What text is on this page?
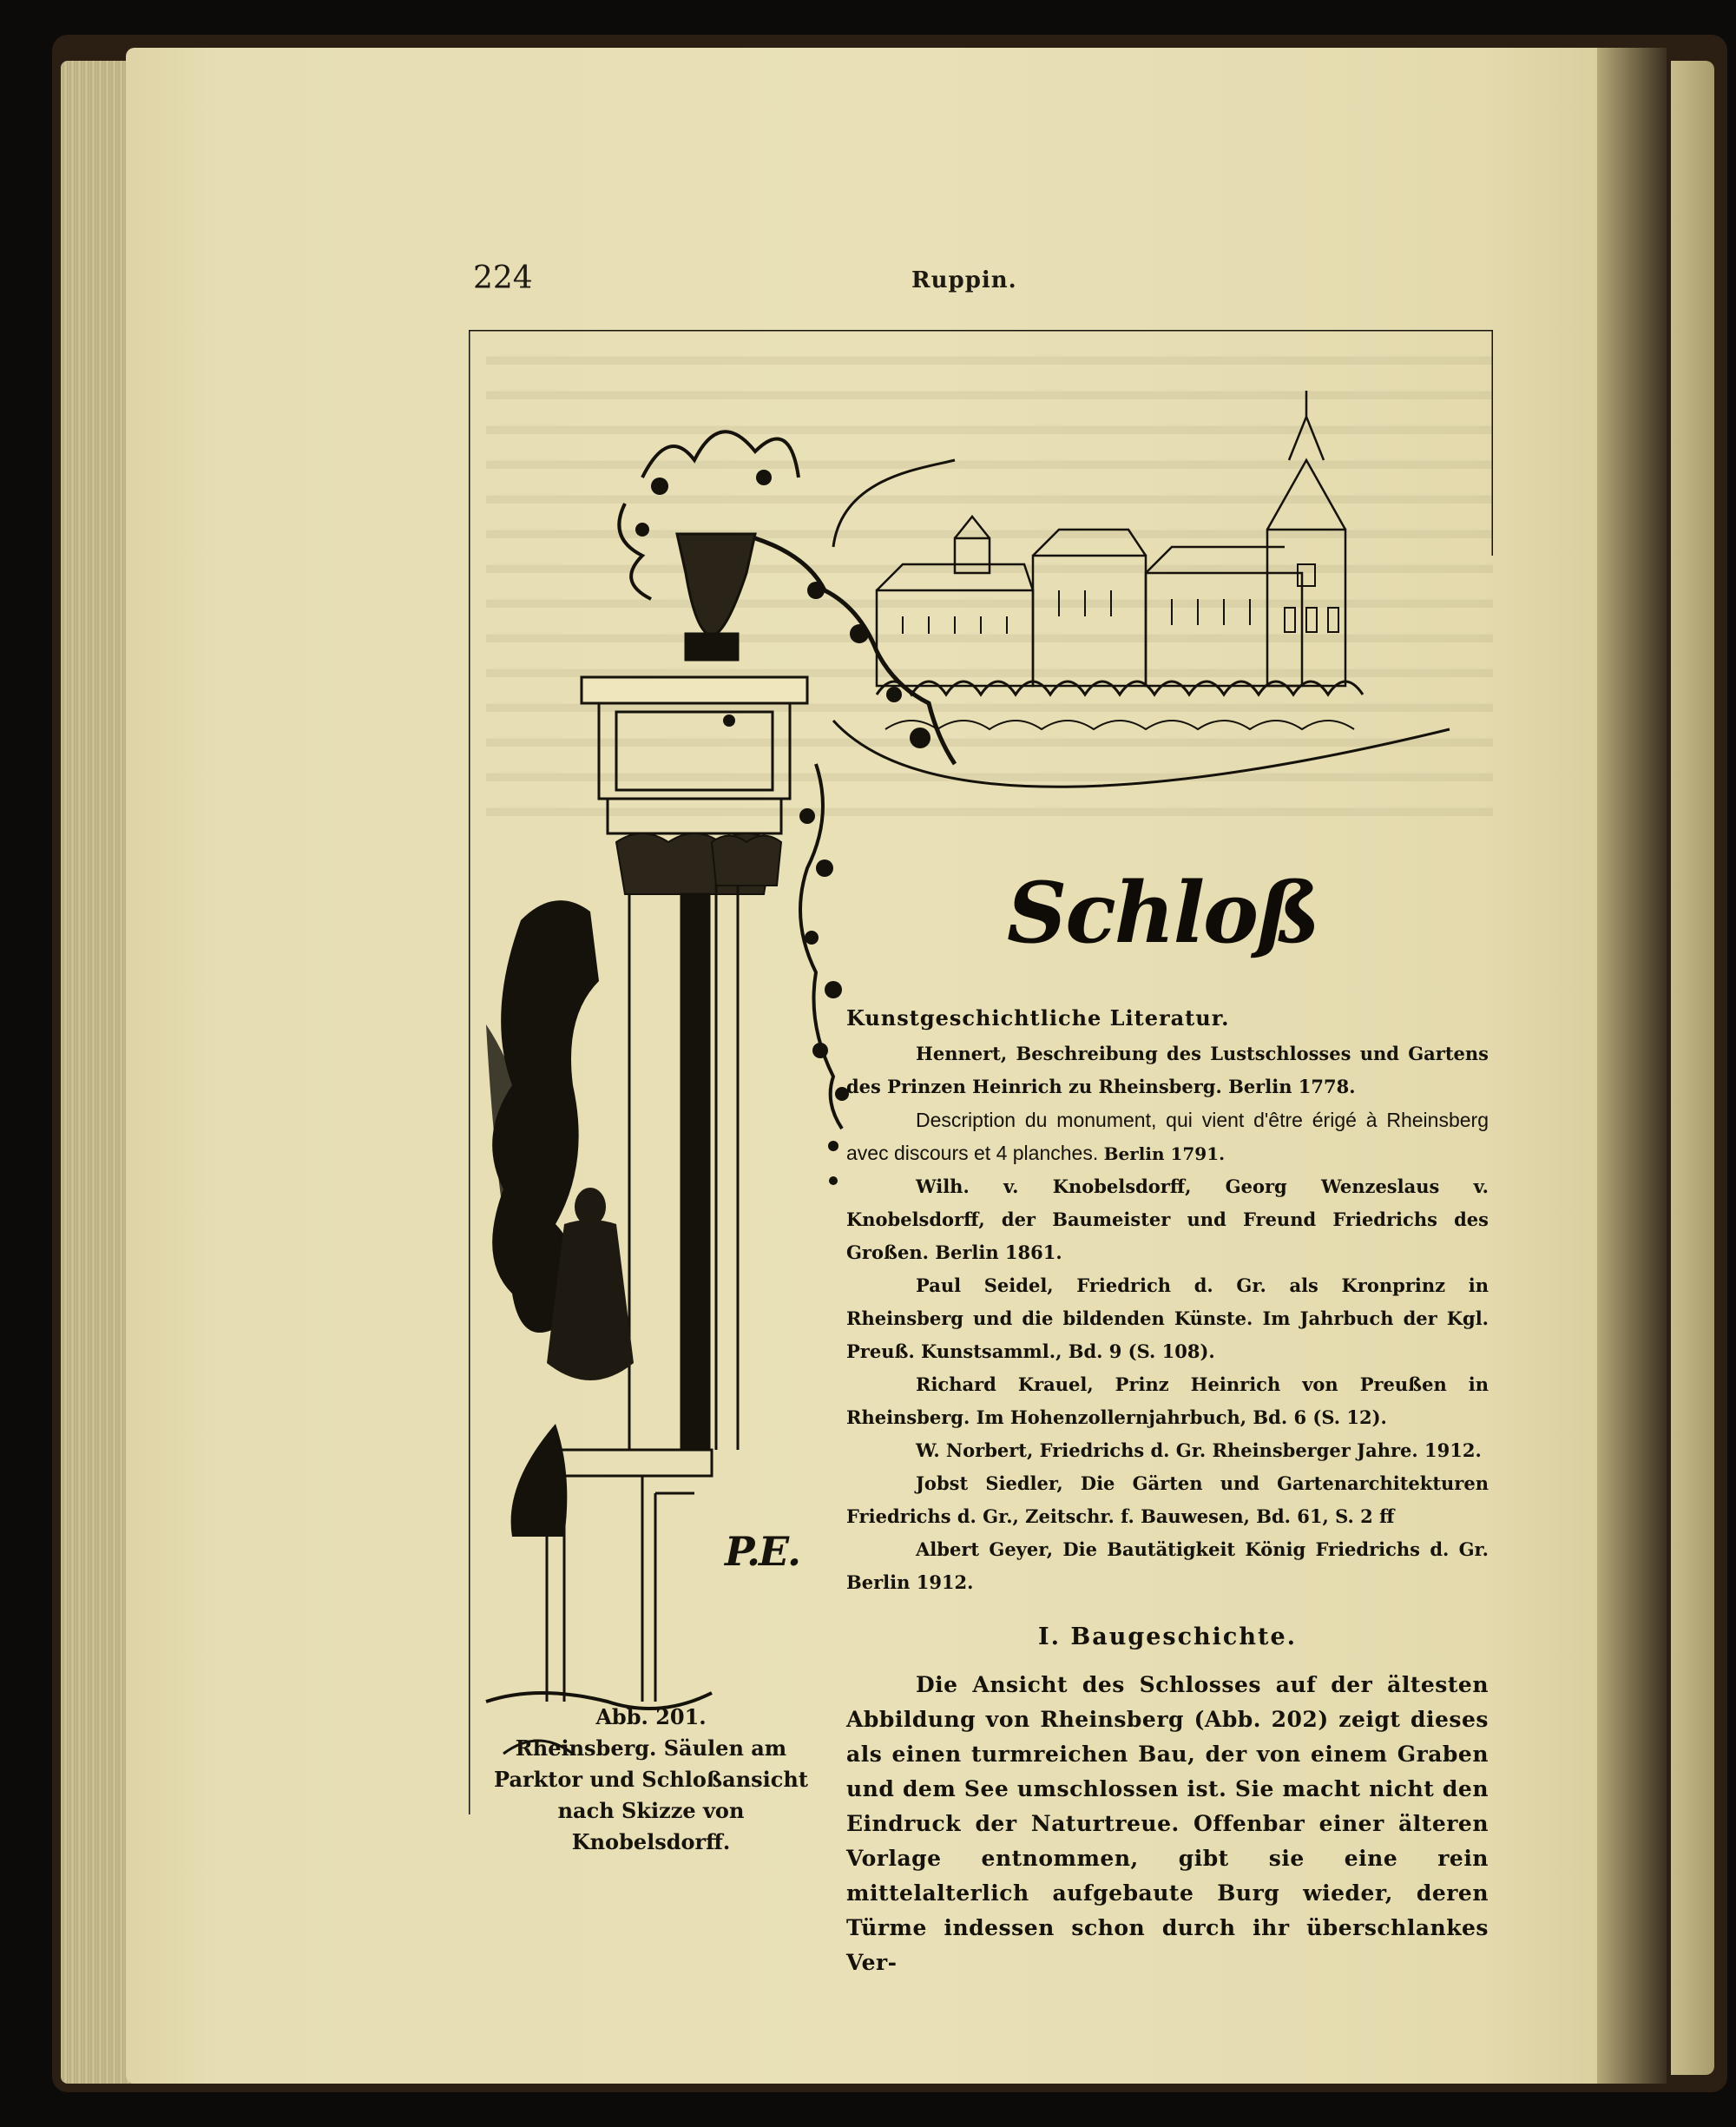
224	Ruppin.
Schloß
P.E.
Abb. 201.
Rheinsberg. Säulen am
Parktor und Schloßansicht
nach Skizze von Knobelsdorff.
Kunstgeschichtliche Literatur.

Hennert, Beschreibung des Lustschlosses und Gartens des Prinzen Heinrich zu Rheinsberg. Berlin 1778.

Description du monument, qui vient d'être érigé à Rheinsberg avec discours et 4 planches. Berlin 1791.

Wilh. v. Knobelsdorff, Georg Wenzeslaus v. Knobelsdorff, der Baumeister und Freund Friedrichs des Großen. Berlin 1861.

Paul Seidel, Friedrich d. Gr. als Kronprinz in Rheinsberg und die bildenden Künste. Im Jahrbuch der Kgl. Preuß. Kunstsamml., Bd. 9 (S. 108).

Richard Krauel, Prinz Heinrich von Preußen in Rheinsberg. Im Hohenzollernjahrbuch, Bd. 6 (S. 12).

W. Norbert, Friedrichs d. Gr. Rheinsberger Jahre. 1912.

Jobst Siedler, Die Gärten und Gartenarchitekturen Friedrichs d. Gr., Zeitschr. f. Bauwesen, Bd. 61, S. 2 ff

Albert Geyer, Die Bautätigkeit König Friedrichs d. Gr. Berlin 1912.

I. Baugeschichte.

Die Ansicht des Schlosses auf der ältesten Abbildung von Rheinsberg (Abb. 202) zeigt dieses als einen turmreichen Bau, der von einem Graben und dem See umschlossen ist. Sie macht nicht den Eindruck der Naturtreue. Offenbar einer älteren Vorlage entnommen, gibt sie eine rein mittelalterlich aufgebaute Burg wieder, deren Türme indessen schon durch ihr überschlankes Ver-
